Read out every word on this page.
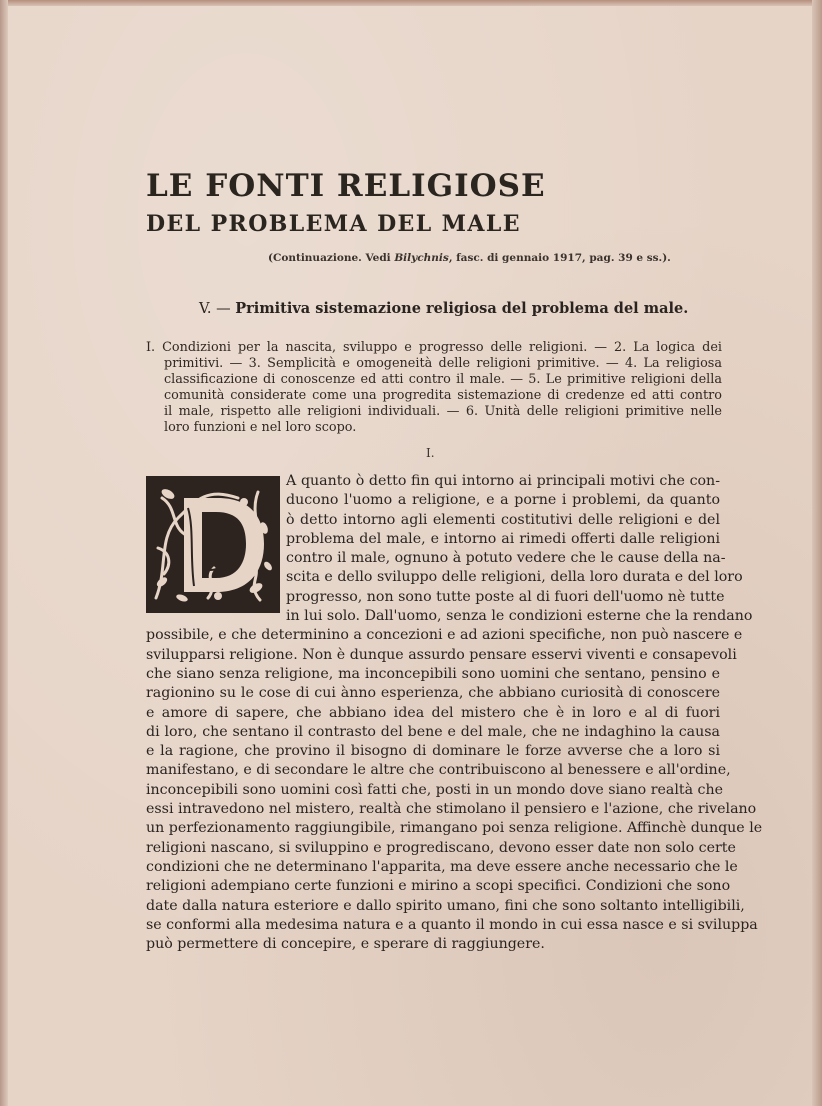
LE FONTI RELIGIOSE
DEL PROBLEMA DEL MALE
(Continuazione. Vedi Bilychnis, fasc. di gennaio 1917, pag. 39 e ss.).
V. — Primitiva sistemazione religiosa del problema del male.
I. Condizioni per la nascita, sviluppo e progresso delle religioni. — 2. La logica dei
primitivi. — 3. Semplicità e omogeneità delle religioni primitive. — 4. La religiosa
classificazione di conoscenze ed atti contro il male. — 5. Le primitive religioni della
comunità considerate come una progredita sistemazione di credenze ed atti contro
il male, rispetto alle religioni individuali. — 6. Unità delle religioni primitive nelle
loro funzioni e nel loro scopo.
I.
A quanto ò detto fin qui intorno ai principali motivi che con-
ducono l'uomo a religione, e a porne i problemi, da quanto
ò detto intorno agli elementi costitutivi delle religioni e del
problema del male, e intorno ai rimedi offerti dalle religioni
contro il male, ognuno à potuto vedere che le cause della na-
scita e dello sviluppo delle religioni, della loro durata e del loro
progresso, non sono tutte poste al di fuori dell'uomo nè tutte
in lui solo. Dall'uomo, senza le condizioni esterne che la rendano
possibile, e che determinino a concezioni e ad azioni specifiche, non può nascere e
svilupparsi religione. Non è dunque assurdo pensare esservi viventi e consapevoli
che siano senza religione, ma inconcepibili sono uomini che sentano, pensino e
ragionino su le cose di cui ànno esperienza, che abbiano curiosità di conoscere
e amore di sapere, che abbiano idea del mistero che è in loro e al di fuori
di loro, che sentano il contrasto del bene e del male, che ne indaghino la causa
e la ragione, che provino il bisogno di dominare le forze avverse che a loro si
manifestano, e di secondare le altre che contribuiscono al benessere e all'ordine,
inconcepibili sono uomini così fatti che, posti in un mondo dove siano realtà che
essi intravedono nel mistero, realtà che stimolano il pensiero e l'azione, che rivelano
un perfezionamento raggiungibile, rimangano poi senza religione. Affinchè dunque le
religioni nascano, si sviluppino e progrediscano, devono esser date non solo certe
condizioni che ne determinano l'apparita, ma deve essere anche necessario che le
religioni adempiano certe funzioni e mirino a scopi specifici. Condizioni che sono
date dalla natura esteriore e dallo spirito umano, fini che sono soltanto intelligibili,
se conformi alla medesima natura e a quanto il mondo in cui essa nasce e si sviluppa
può permettere di concepire, e sperare di raggiungere.
